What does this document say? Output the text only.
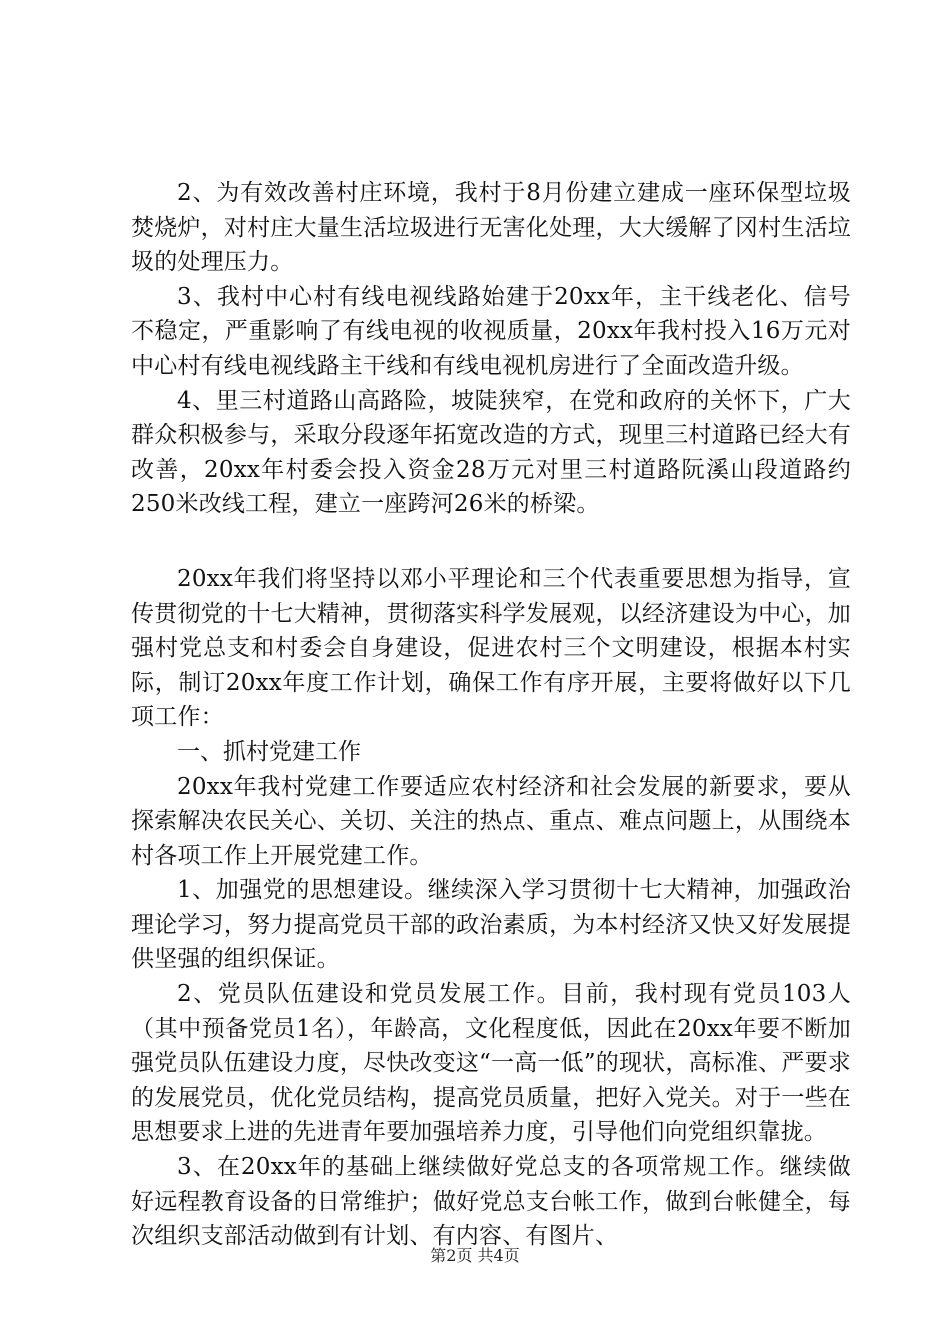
2、为有效改善村庄环境，我村于8月份建立建成一座环保型垃圾焚烧炉，对村庄大量生活垃圾进行无害化处理，大大缓解了冈村生活垃圾的处理压力。

3、我村中心村有线电视线路始建于20xx年，主干线老化、信号不稳定，严重影响了有线电视的收视质量，20xx年我村投入16万元对中心村有线电视线路主干线和有线电视机房进行了全面改造升级。

4、里三村道路山高路险，坡陡狭窄，在党和政府的关怀下，广大群众积极参与，采取分段逐年拓宽改造的方式，现里三村道路已经大有改善，20xx年村委会投入资金28万元对里三村道路阮溪山段道路约250米改线工程，建立一座跨河26米的桥梁。

20xx年我们将坚持以邓小平理论和三个代表重要思想为指导，宣传贯彻党的十七大精神，贯彻落实科学发展观，以经济建设为中心，加强村党总支和村委会自身建设，促进农村三个文明建设，根据本村实际，制订20xx年度工作计划，确保工作有序开展，主要将做好以下几项工作：

一、抓村党建工作

20xx年我村党建工作要适应农村经济和社会发展的新要求，要从探索解决农民关心、关切、关注的热点、重点、难点问题上，从围绕本村各项工作上开展党建工作。

1、加强党的思想建设。继续深入学习贯彻十七大精神，加强政治理论学习，努力提高党员干部的政治素质，为本村经济又快又好发展提供坚强的组织保证。

2、党员队伍建设和党员发展工作。目前，我村现有党员103人（其中预备党员1名），年龄高，文化程度低，因此在20xx年要不断加强党员队伍建设力度，尽快改变这“一高一低”的现状，高标准、严要求的发展党员，优化党员结构，提高党员质量，把好入党关。对于一些在思想要求上进的先进青年要加强培养力度，引导他们向党组织靠拢。

3、在20xx年的基础上继续做好党总支的各项常规工作。继续做好远程教育设备的日常维护；做好党总支台帐工作，做到台帐健全，每次组织支部活动做到有计划、有内容、有图片、

第2页 共4页
